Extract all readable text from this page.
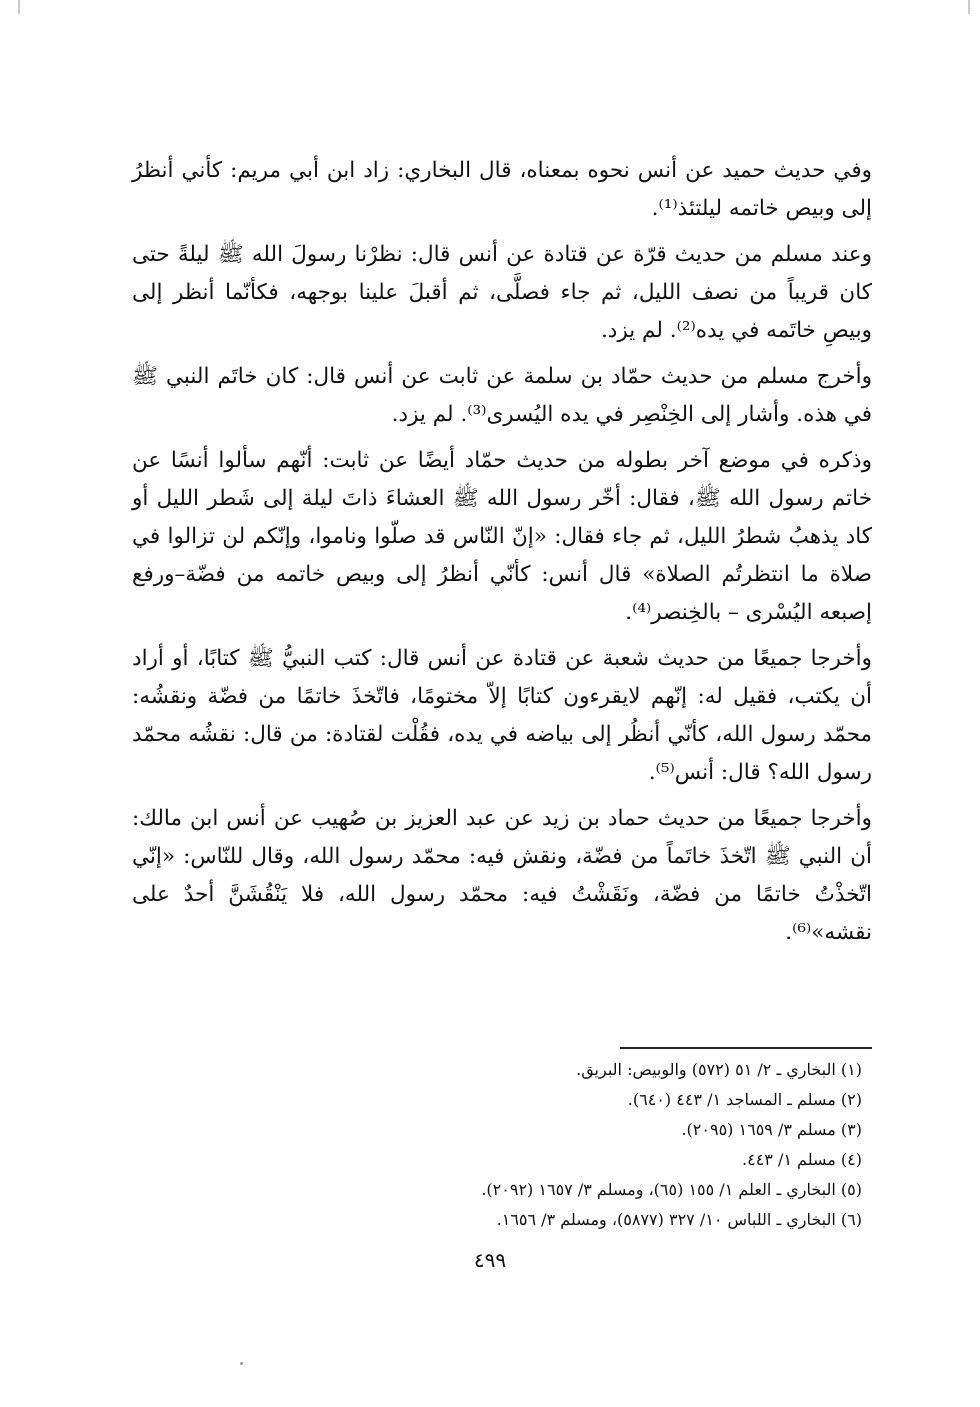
وفي حديث حميد عن أنس نحوه بمعناه، قال البخاري: زاد ابن أبي مريم: كأني أنظرُ إلى وبيص خاتمه ليلتئذ⁽¹⁾.

وعند مسلم من حديث قرّة عن قتادة عن أنس قال: نظرْنا رسولَ الله ﷺ ليلةً حتى كان قريباً من نصف الليل، ثم جاء فصلَّى، ثم أقبلَ علينا بوجهه، فكأنّما أنظر إلى وبيصِ خاتَمه في يده⁽²⁾. لم يزد.

وأخرج مسلم من حديث حمّاد بن سلمة عن ثابت عن أنس قال: كان خاتَم النبي ﷺ في هذه. وأشار إلى الخِنْصِر في يده اليُسرى⁽³⁾. لم يزد.

وذكره في موضع آخر بطوله من حديث حمّاد أيضًا عن ثابت: أنّهم سألوا أنسًا عن خاتم رسول الله ﷺ، فقال: أخّر رسول الله ﷺ العشاءَ ذاتَ ليلة إلى شَطر الليل أو كاد يذهبُ شطرُ الليل، ثم جاء فقال: «إنّ النّاس قد صلّوا وناموا، وإنّكم لن تزالوا في صلاة ما انتظرتُم الصلاة» قال أنس: كأنّي أنظرُ إلى وبيص خاتمه من فضّة–ورفع إصبعه اليُسْرى – بالخِنصر⁽⁴⁾.

وأخرجا جميعًا من حديث شعبة عن قتادة عن أنس قال: كتب النبيُّ ﷺ كتابًا، أو أراد أن يكتب، فقيل له: إنّهم لايقرءون كتابًا إلاّ مختومًا، فاتّخذَ خاتمًا من فضّة ونقشُه: محمّد رسول الله، كأنّي أنظُر إلى بياضه في يده، فقُلْت لقتادة: من قال: نقشُه محمّد رسول الله؟ قال: أنس⁽⁵⁾.

وأخرجا جميعًا من حديث حماد بن زيد عن عبد العزيز بن صُهيب عن أنس ابن مالك: أن النبي ﷺ اتّخذَ خاتَماً من فضّة، ونقش فيه: محمّد رسول الله، وقال للنّاس: «إنّي اتّخذْتُ خاتمًا من فضّة، ونَقَشْتُ فيه: محمّد رسول الله، فلا يَنْقُشَنَّ أحدٌ على نقشه»⁽⁶⁾.

(١) البخاري ـ ٢/ ٥١ (٥٧٢) والوبيص: البريق.

(٢) مسلم ـ المساجد ١/ ٤٤٣ (٦٤٠).

(٣) مسلم ٣/ ١٦٥٩ (٢٠٩٥).

(٤) مسلم ١/ ٤٤٣.

(٥) البخاري ـ العلم ١/ ١٥٥ (٦٥)، ومسلم ٣/ ١٦٥٧ (٢٠٩٢).

(٦) البخاري ـ اللباس ١٠/ ٣٢٧ (٥٨٧٧)، ومسلم ٣/ ١٦٥٦.

٤٩٩
